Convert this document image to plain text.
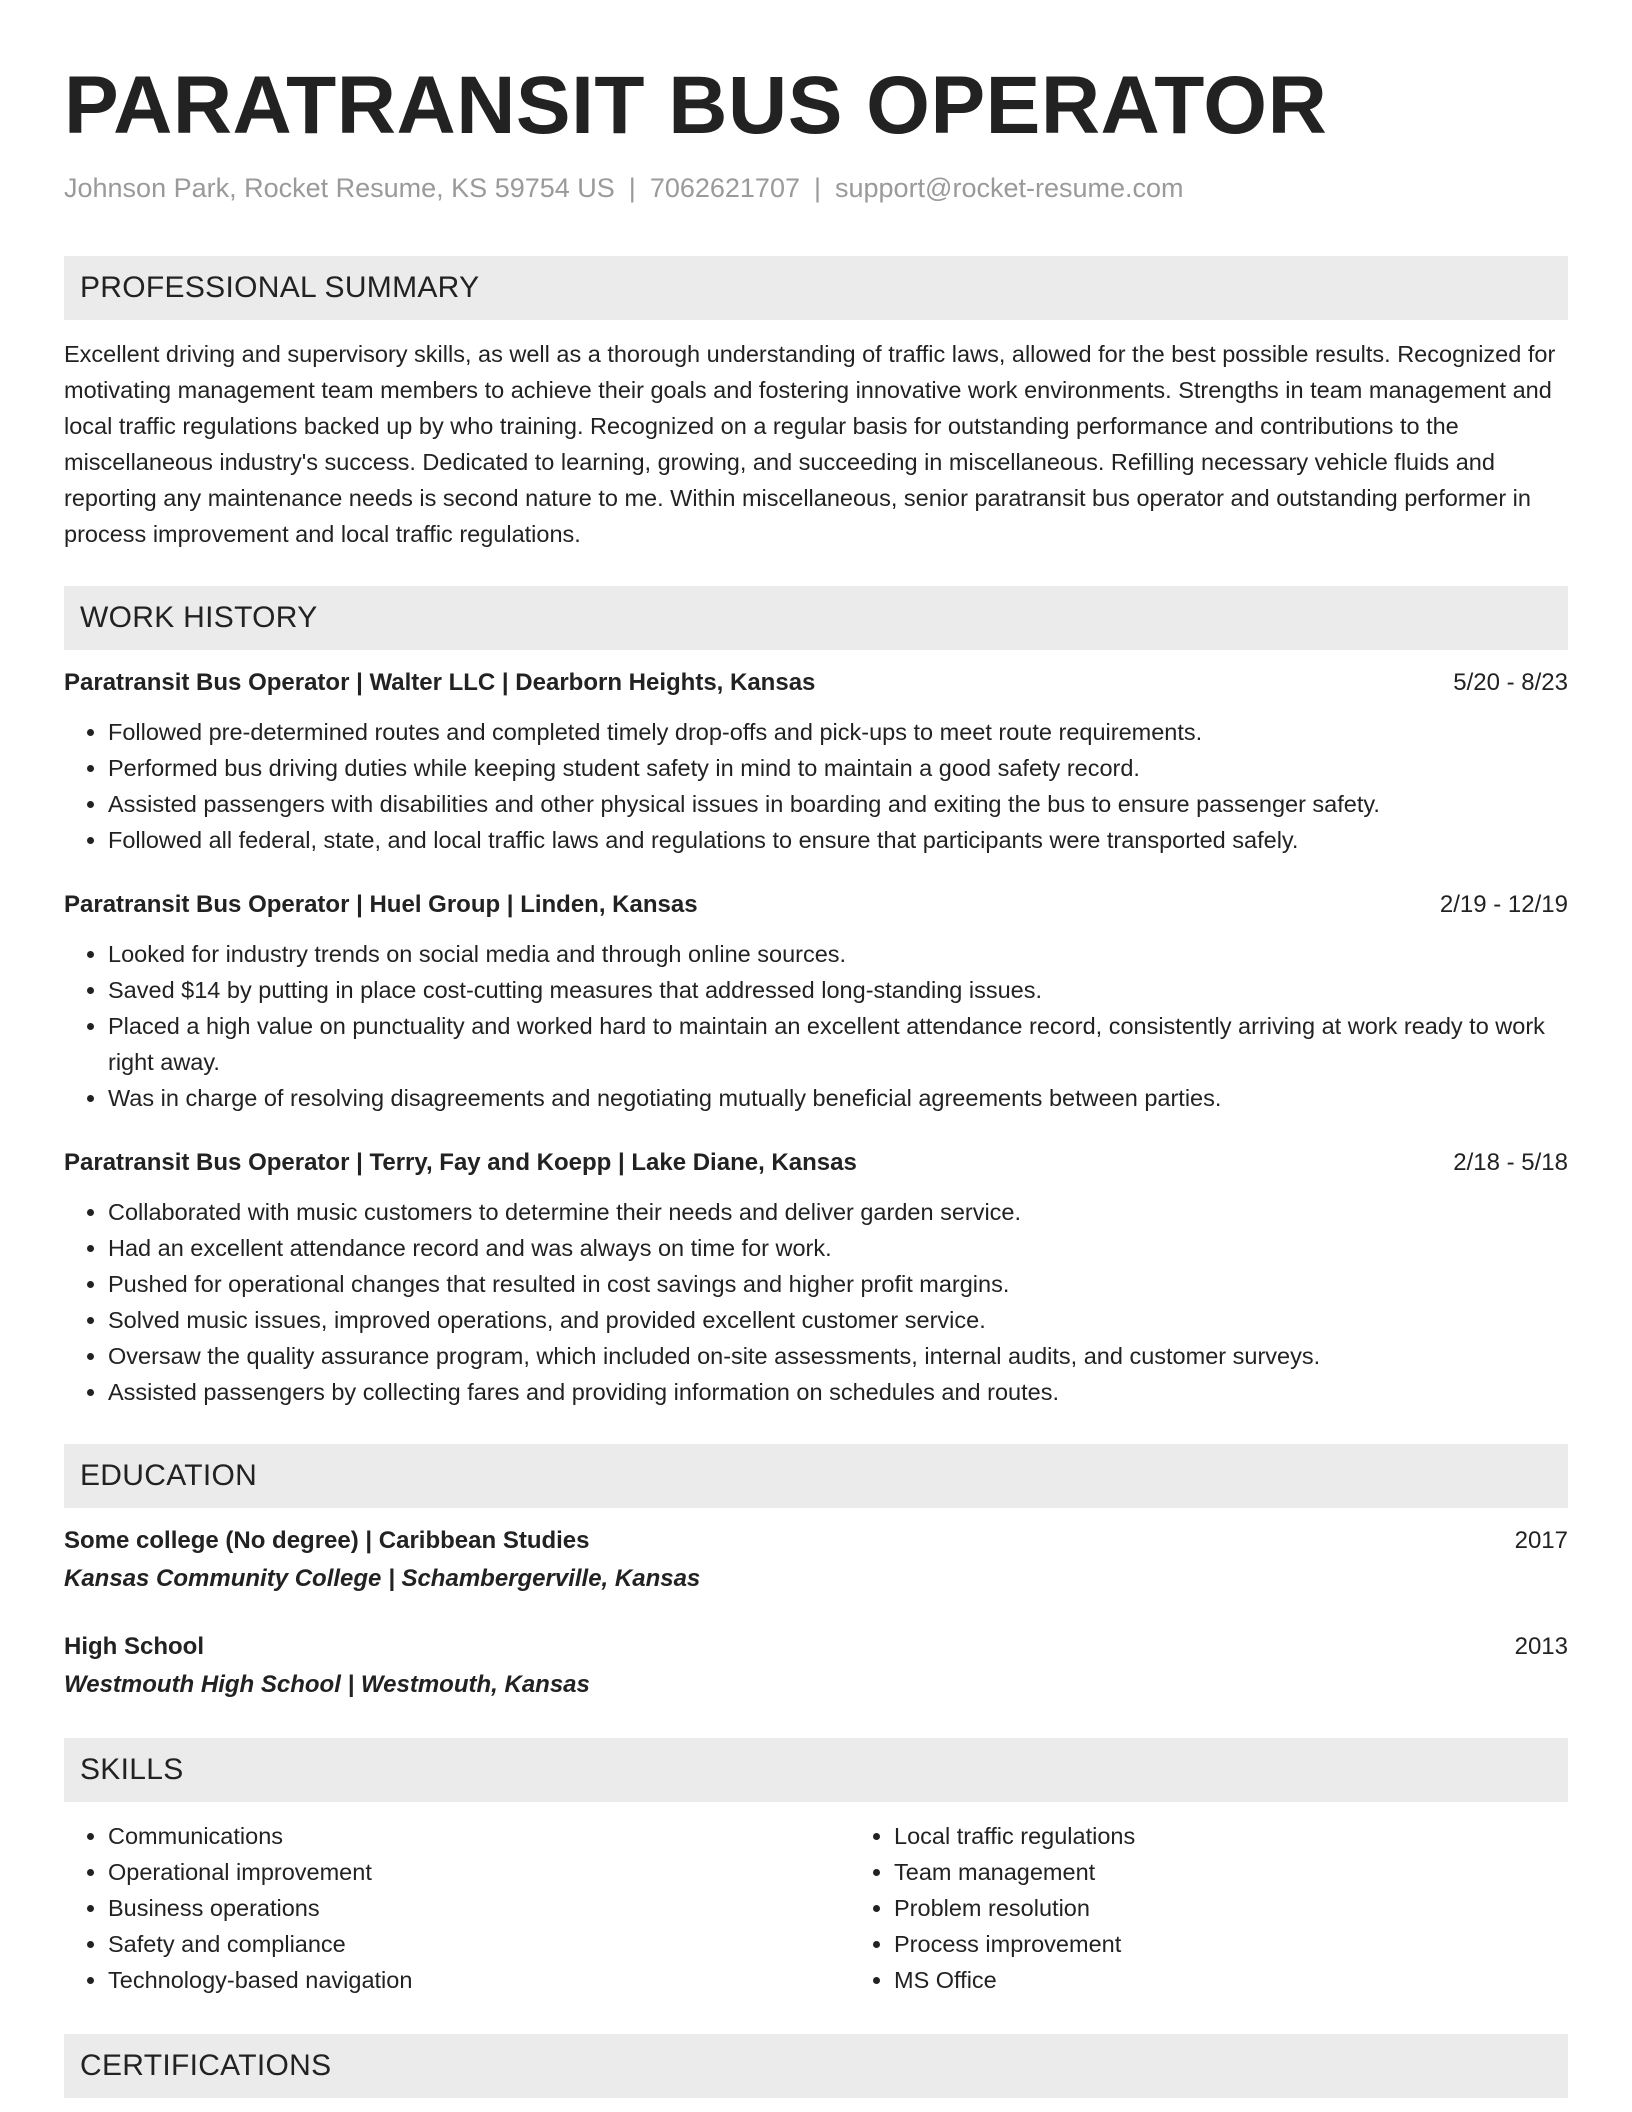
PARATRANSIT BUS OPERATOR
Johnson Park, Rocket Resume, KS 59754 US | 7062621707 | support@rocket-resume.com
PROFESSIONAL SUMMARY

Excellent driving and supervisory skills, as well as a thorough understanding of traffic laws, allowed for the best possible results. Recognized for motivating management team members to achieve their goals and fostering innovative work environments. Strengths in team management and local traffic regulations backed up by who training. Recognized on a regular basis for outstanding performance and contributions to the miscellaneous industry's success. Dedicated to learning, growing, and succeeding in miscellaneous. Refilling necessary vehicle fluids and reporting any maintenance needs is second nature to me. Within miscellaneous, senior paratransit bus operator and outstanding performer in process improvement and local traffic regulations.

WORK HISTORY
Paratransit Bus Operator | Walter LLC | Dearborn Heights, Kansas	5/20 - 8/23
• Followed pre-determined routes and completed timely drop-offs and pick-ups to meet route requirements.
• Performed bus driving duties while keeping student safety in mind to maintain a good safety record.
• Assisted passengers with disabilities and other physical issues in boarding and exiting the bus to ensure passenger safety.
• Followed all federal, state, and local traffic laws and regulations to ensure that participants were transported safely.
Paratransit Bus Operator | Huel Group | Linden, Kansas	2/19 - 12/19
• Looked for industry trends on social media and through online sources.
• Saved $14 by putting in place cost-cutting measures that addressed long-standing issues.
• Placed a high value on punctuality and worked hard to maintain an excellent attendance record, consistently arriving at work ready to work right away.
• Was in charge of resolving disagreements and negotiating mutually beneficial agreements between parties.
Paratransit Bus Operator | Terry, Fay and Koepp | Lake Diane, Kansas	2/18 - 5/18
• Collaborated with music customers to determine their needs and deliver garden service.
• Had an excellent attendance record and was always on time for work.
• Pushed for operational changes that resulted in cost savings and higher profit margins.
• Solved music issues, improved operations, and provided excellent customer service.
• Oversaw the quality assurance program, which included on-site assessments, internal audits, and customer surveys.
• Assisted passengers by collecting fares and providing information on schedules and routes.
EDUCATION
Some college (No degree) | Caribbean Studies	2017
Kansas Community College | Schambergerville, Kansas
High School	2013
Westmouth High School | Westmouth, Kansas
SKILLS
• Communications
• Operational improvement
• Business operations
• Safety and compliance
• Technology-based navigation
• Local traffic regulations
• Team management
• Problem resolution
• Process improvement
• MS Office
CERTIFICATIONS
